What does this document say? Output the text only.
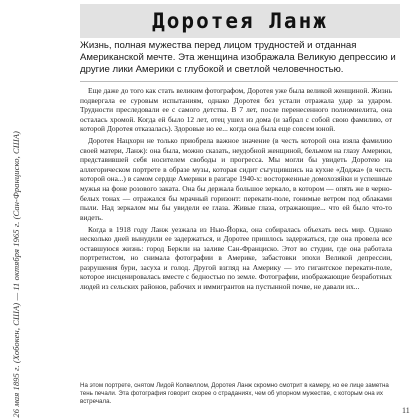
Доротея Ланж

Жизнь, полная мужества перед лицом трудностей и отданная Американской мечте. Эта женщина изображала Великую депрессию и другие лики Америки с глубокой и светлой человечностью.

Еще даже до того как стать великим фотографом, Доротея уже была великой женщиной. Жизнь подвергала ее суровым испытаниям, однако Доротея без устали отражала удар за ударом. Трудности преследовали ее с самого детства. В 7 лет, после перенесенного полиомиелита, она осталась хромой. Когда ей было 12 лет, отец ушел из дома (и забрал с собой свою фамилию, от которой Доротея отказалась). Здоровые но ее... когда она была еще совсем юной.

Доротея Нацхорн не только приобрела важное значение (в честь которой она взяла фамилию своей матери, Ланж): она была, можно сказать, неудобной женщиной, бельмом на глазу Америки, представившей себя носителем свободы и прогресса. Мы могли бы увидеть Доротею на аллегорическом портрете в образе музы, которая сидит съгущившись на кухне «Доджа» (в честь которой она...) в самом сердце Америки в разгаре 1940-х: восторженные домохозяйки и успешные мужья на фоне розового заката. Она бы держала большое зеркало, в котором — опять же в черно-белых тонах — отражался бы мрачный горизонт: перекати-поле, гонимые ветром под облаками пыли. Над зеркалом мы бы увидели ее глаза. Живые глаза, отражающие... что ей было что-то видеть.

Когда в 1918 году Ланж уезжала из Нью-Йорка, она собиралась объехать весь мир. Однако несколько дней вынудили ее задержаться, и Доротее пришлось задержаться, где она провела все оставшуюся жизнь: город Беркли на заливе Сан-Франциско. Этот во студии, где она работала портретистом, но снимала фотографии в Америке, забастовки эпохи Великой депрессии, разрушения бури, засуха и голод. Другой взгляд на Америку — это гигантское перекати-поле, которое инсценировалась вместе с бедностью по земле. Фотографии, изображающие безработных людей из сельских районов, рабочих и иммигрантов на пустынной почве, не давали их...

26 мая 1895 г. (Хобокен, США) — 11 октября 1965 г. (Сан-Франциско, США)	На этом портрете, снятом Лидой Колвеллом, Доротея Ланж скромно смотрит в камеру, но ее лице заметна тень печали. Эта фотография говорит скорее о страданиях, чем об упорном мужестве, с которым она их встречала.

11
